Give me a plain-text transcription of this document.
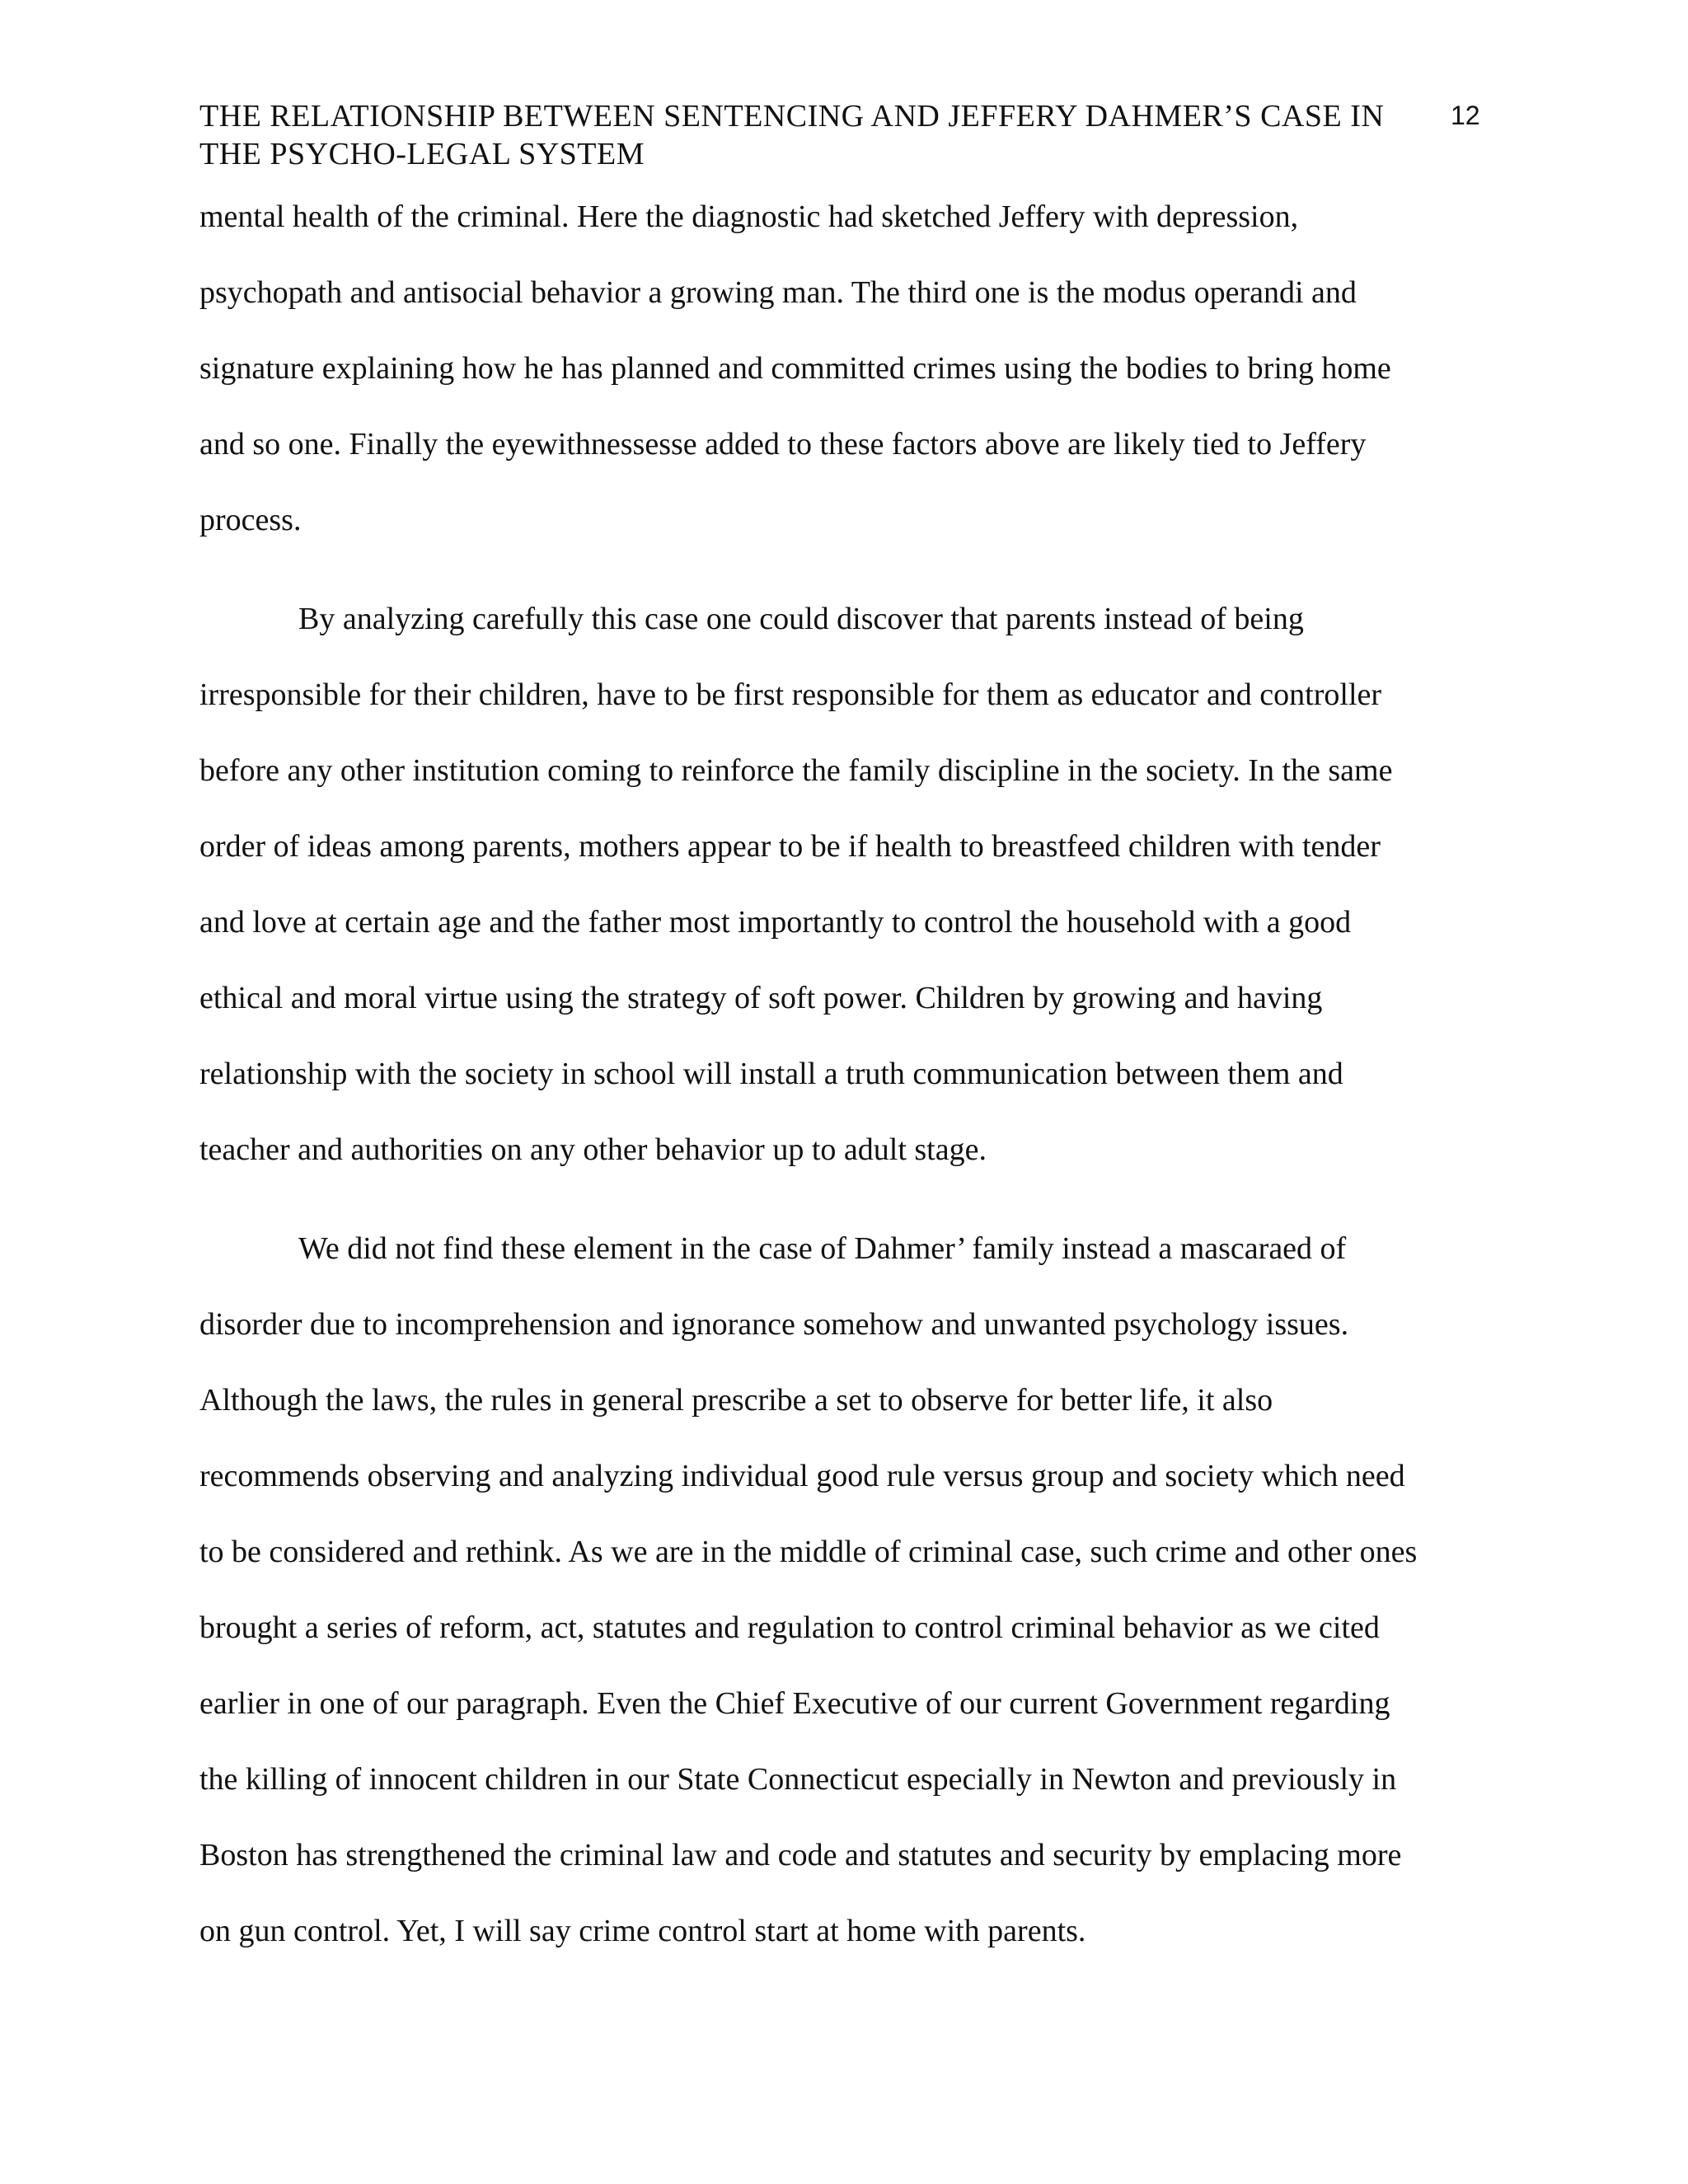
THE RELATIONSHIP BETWEEN SENTENCING AND JEFFERY DAHMER’S CASE IN
THE PSYCHO-LEGAL SYSTEM
12
mental health of the criminal. Here the diagnostic had sketched Jeffery with depression,
psychopath and antisocial behavior a growing man. The third one is the modus operandi and
signature explaining how he has planned and committed crimes using the bodies to bring home
and so one. Finally the eyewithnessesse added to these factors above are likely tied to Jeffery
process.
By analyzing carefully this case one could discover that parents instead of being
irresponsible for their children, have to be first responsible for them as educator and controller
before any other institution coming to reinforce the family discipline in the society. In the same
order of ideas among parents, mothers appear to be if health to breastfeed children with tender
and love at certain age and the father most importantly to control the household with a good
ethical and moral virtue using the strategy of soft power. Children by growing and having
relationship with the society in school will install a truth communication between them and
teacher and authorities on any other behavior up to adult stage.
We did not find these element in the case of Dahmer’ family instead a mascaraed of
disorder due to incomprehension and ignorance somehow and unwanted psychology issues.
Although the laws, the rules in general prescribe a set to observe for better life, it also
recommends observing and analyzing individual good rule versus group and society which need
to be considered and rethink. As we are in the middle of criminal case, such crime and other ones
brought a series of reform, act, statutes and regulation to control criminal behavior as we cited
earlier in one of our paragraph. Even the Chief Executive of our current Government regarding
the killing of innocent children in our State Connecticut especially in Newton and previously in
Boston has strengthened the criminal law and code and statutes and security by emplacing more
on gun control. Yet, I will say crime control start at home with parents.
